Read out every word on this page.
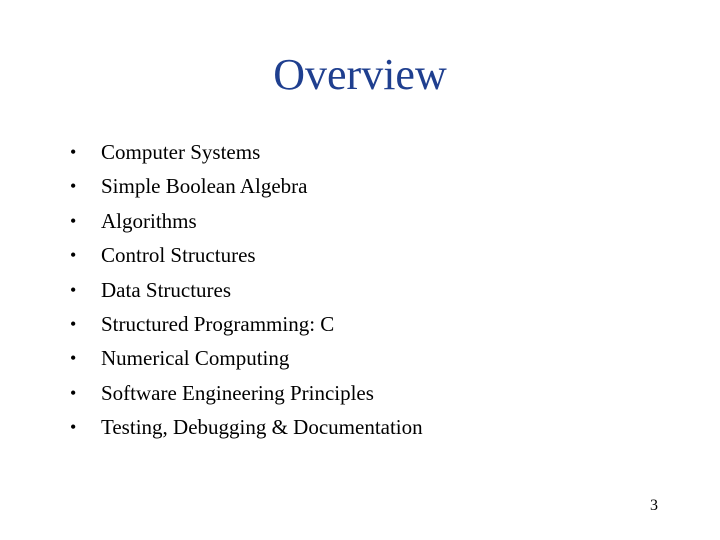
Overview
•	Computer Systems
•	Simple Boolean Algebra
•	Algorithms
•	Control Structures
•	Data Structures
•	Structured Programming: C
•	Numerical Computing
•	Software Engineering Principles
•	Testing, Debugging & Documentation
3
